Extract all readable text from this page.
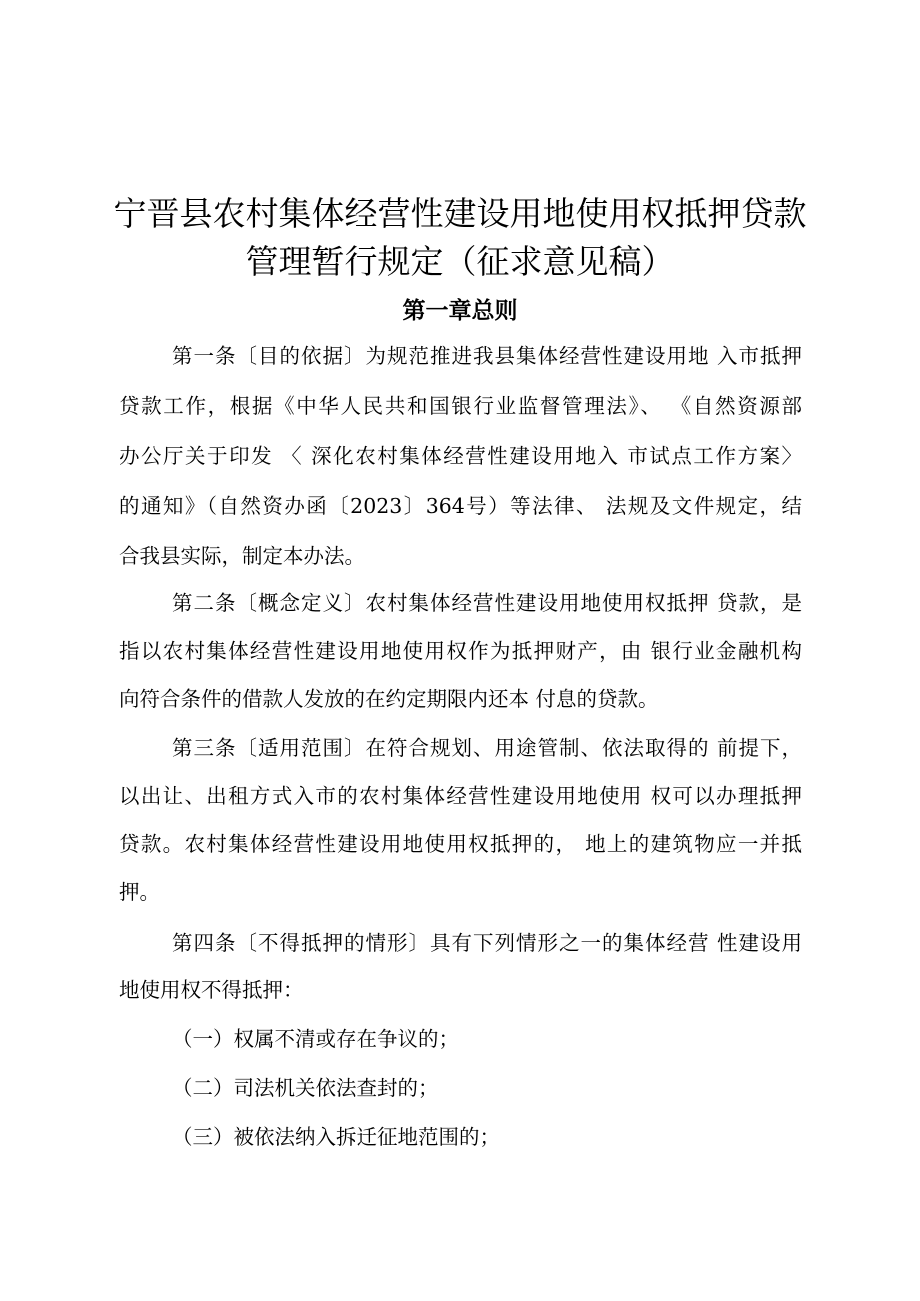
宁晋县农村集体经营性建设用地使用权抵押贷款
管理暂行规定（征求意见稿）
第一章总则

第一条〔目的依据〕为规范推进我县集体经营性建设用地 入市抵押

贷款工作，根据《中华人民共和国银行业监督管理法》、 《自然资源部

办公厅关于印发 〈 深化农村集体经营性建设用地入 市试点工作方案〉

的通知》（自然资办函〔2023〕364号）等法律、 法规及文件规定，结

合我县实际，制定本办法。

第二条〔概念定义〕农村集体经营性建设用地使用权抵押 贷款，是

指以农村集体经营性建设用地使用权作为抵押财产，由 银行业金融机构

向符合条件的借款人发放的在约定期限内还本 付息的贷款。

第三条〔适用范围〕在符合规划、用途管制、依法取得的 前提下，

以出让、出租方式入市的农村集体经营性建设用地使用 权可以办理抵押

贷款。农村集体经营性建设用地使用权抵押的， 地上的建筑物应一并抵

押。

第四条〔不得抵押的情形〕具有下列情形之一的集体经营 性建设用

地使用权不得抵押：

（一）权属不清或存在争议的；

（二）司法机关依法查封的；

（三）被依法纳入拆迁征地范围的；
